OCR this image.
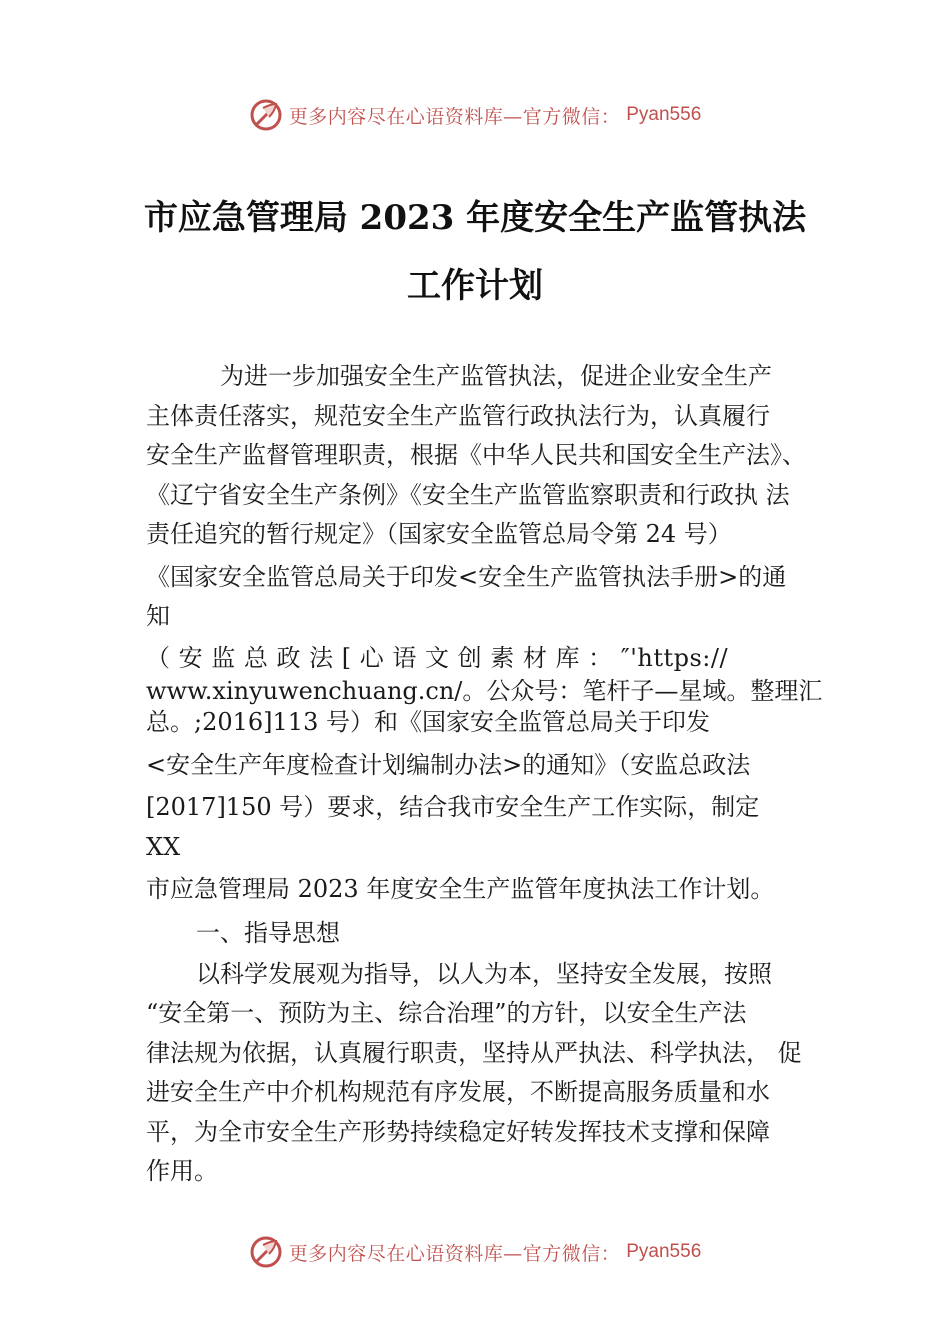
更多内容尽在心语资料库—官方微信： Pyan556
市应急管理局 2023 年度安全生产监管执法
工作计划
为进一步加强安全生产监管执法，促进企业安全生产
主体责任落实，规范安全生产监管行政执法行为，认真履行
安全生产监督管理职责，根据《中华人民共和国安全生产法》、
《辽宁省安全生产条例》《安全生产监管监察职责和行政执 法
责任追究的暂行规定》（国家安全监管总局令第 24 号）
《国家安全监管总局关于印发<安全生产监管执法手册>的通
知
（ 安 监 总 政 法 [ 心 语 文 创 素 材 库 ： ″'https://
www.xinyuwenchuang.cn/。公众号：笔杆子—星域。整理汇
总。;2016]113 号）和《国家安全监管总局关于印发
<安全生产年度检查计划编制办法>的通知》（安监总政法
[2017]150 号）要求，结合我市安全生产工作实际，制定
XX
市应急管理局 2023 年度安全生产监管年度执法工作计划。
一、指导思想
以科学发展观为指导，以人为本，坚持安全发展，按照
“安全第一、预防为主、综合治理”的方针，以安全生产法
律法规为依据，认真履行职责，坚持从严执法、科学执法， 促
进安全生产中介机构规范有序发展，不断提高服务质量和水
平，为全市安全生产形势持续稳定好转发挥技术支撑和保障
作用。
更多内容尽在心语资料库—官方微信： Pyan556
